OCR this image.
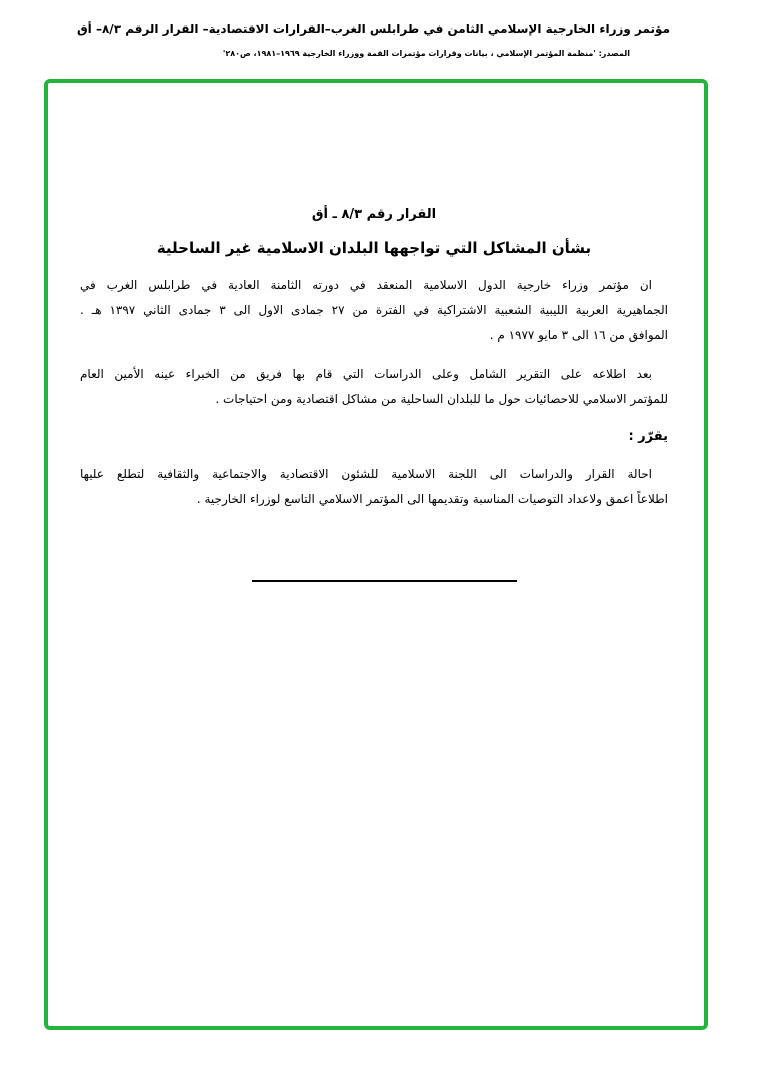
مؤتمر وزراء الخارجية الإسلامي الثامن في طرابلس الغرب–القرارات الاقتصادية– القرار الرقم ٨/٣– أق
المصدر: 'منظمة المؤتمر الإسلامي ، بيانات وقرارات مؤتمرات القمة ووزراء الخارجية ١٩٦٩–١٩٨١، ص٢٨٠'
القرار رقم ٨/٣ ـ أق
بشأن المشاكل التي تواجهها البلدان الاسلامية غير الساحلية
ان مؤتمر وزراء خارجية الدول الاسلامية المنعقد في دورته الثامنة العادية في طرابلس الغرب في
الجماهيرية العربية الليبية الشعبية الاشتراكية في الفترة من ٢٧ جمادى الاول الى ٣ جمادى الثاني ١٣٩٧ هـ .
الموافق من ١٦ الى ٣ مايو ١٩٧٧ م .
بعد اطلاعه على التقرير الشامل وعلى الدراسات التي قام بها فريق من الخبراء عينه الأمين العام
للمؤتمر الاسلامي للاحصائيات حول ما للبلدان الساحلية من مشاكل اقتصادية ومن احتياجات .
يقرّر :
احالة القرار والدراسات الى اللجنة الاسلامية للشئون الاقتصادية والاجتماعية والثقافية لتطلع عليها
اطلاعاً اعمق ولاعداد التوصيات المناسبة وتقديمها الى المؤتمر الاسلامي التاسع لوزراء الخارجية .
